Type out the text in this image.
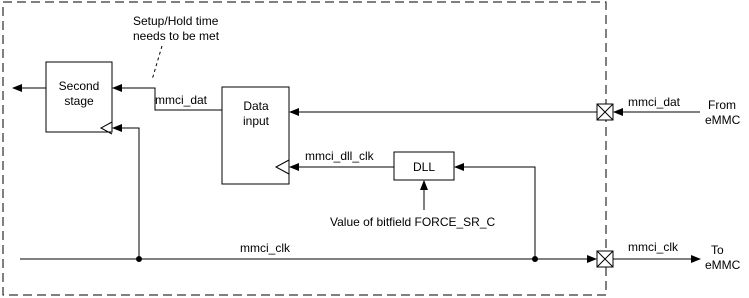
Second
stage	Data
input
DLL
mmci_dat
Setup/Hold time
needs to be met
mmci_dat From
eMMC
mmci_dll_clk
Value of bitfield FORCE_SR_C
mmci_clk	mmci_clk	To
eMMC
